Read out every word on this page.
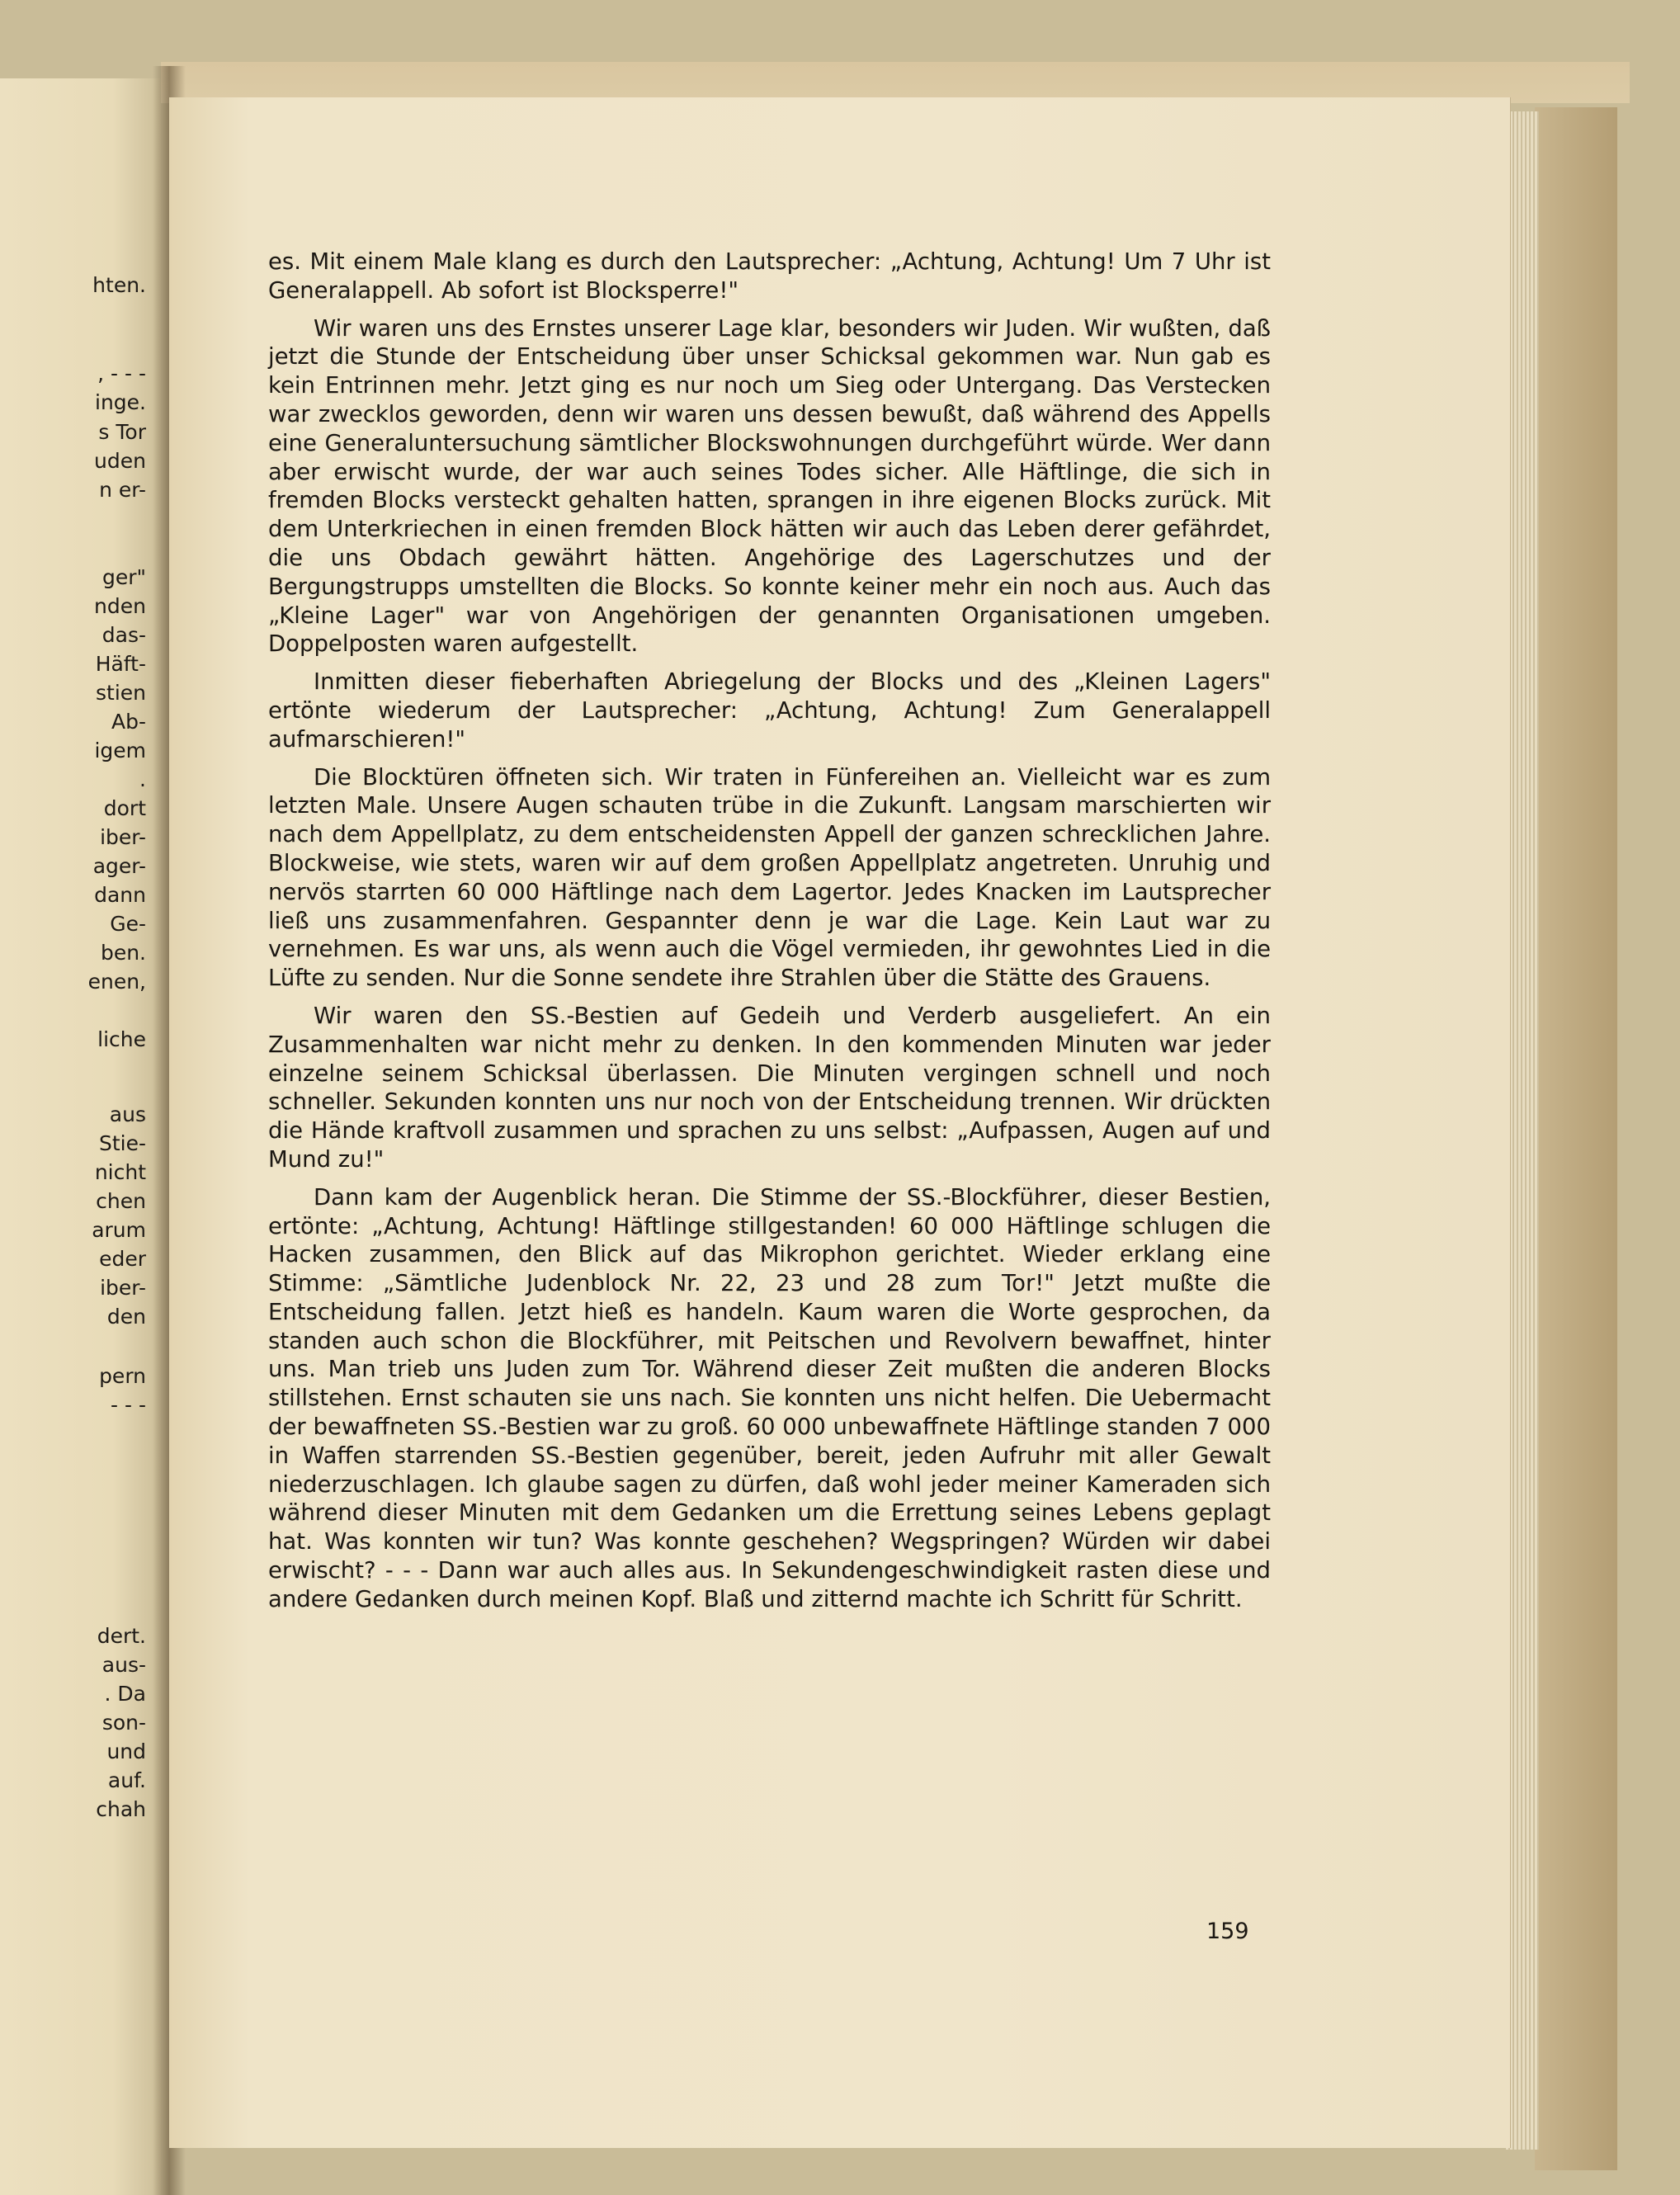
hten.
, - - -
inge.
s Tor
uden
n er-
ger"
nden
das-
Häft-
stien
Ab-
igem
.
dort
iber-
ager-
dann
Ge-
ben.
enen,
liche
aus
Stie-
nicht
chen
arum
eder
iber-
den
pern
- - -
dert.
aus-
. Da
son-
und
auf.
chah

es. Mit einem Male klang es durch den Lautsprecher: „Achtung, Achtung! Um 7 Uhr ist Generalappell. Ab sofort ist Blocksperre!"

Wir waren uns des Ernstes unserer Lage klar, besonders wir Juden. Wir wußten, daß jetzt die Stunde der Entscheidung über unser Schicksal gekommen war. Nun gab es kein Entrinnen mehr. Jetzt ging es nur noch um Sieg oder Untergang. Das Verstecken war zwecklos geworden, denn wir waren uns dessen bewußt, daß während des Appells eine Generaluntersuchung sämtlicher Blockswohnungen durchgeführt würde. Wer dann aber erwischt wurde, der war auch seines Todes sicher. Alle Häftlinge, die sich in fremden Blocks versteckt gehalten hatten, sprangen in ihre eigenen Blocks zurück. Mit dem Unterkriechen in einen fremden Block hätten wir auch das Leben derer gefährdet, die uns Obdach gewährt hätten. Angehörige des Lagerschutzes und der Bergungstrupps umstellten die Blocks. So konnte keiner mehr ein noch aus. Auch das „Kleine Lager" war von Angehörigen der genannten Organisationen umgeben. Doppelposten waren aufgestellt.

Inmitten dieser fieberhaften Abriegelung der Blocks und des „Kleinen Lagers" ertönte wiederum der Lautsprecher: „Achtung, Achtung! Zum Generalappell aufmarschieren!"

Die Blocktüren öffneten sich. Wir traten in Fünfereihen an. Vielleicht war es zum letzten Male. Unsere Augen schauten trübe in die Zukunft. Langsam marschierten wir nach dem Appellplatz, zu dem entscheidensten Appell der ganzen schrecklichen Jahre. Blockweise, wie stets, waren wir auf dem großen Appellplatz angetreten. Unruhig und nervös starrten 60 000 Häftlinge nach dem Lagertor. Jedes Knacken im Lautsprecher ließ uns zusammenfahren. Gespannter denn je war die Lage. Kein Laut war zu vernehmen. Es war uns, als wenn auch die Vögel vermieden, ihr gewohntes Lied in die Lüfte zu senden. Nur die Sonne sendete ihre Strahlen über die Stätte des Grauens.

Wir waren den SS.-Bestien auf Gedeih und Verderb ausgeliefert. An ein Zusammenhalten war nicht mehr zu denken. In den kommenden Minuten war jeder einzelne seinem Schicksal überlassen. Die Minuten vergingen schnell und noch schneller. Sekunden konnten uns nur noch von der Entscheidung trennen. Wir drückten die Hände kraftvoll zusammen und sprachen zu uns selbst: „Aufpassen, Augen auf und Mund zu!"

Dann kam der Augenblick heran. Die Stimme der SS.-Blockführer, dieser Bestien, ertönte: „Achtung, Achtung! Häftlinge stillgestanden! 60 000 Häftlinge schlugen die Hacken zusammen, den Blick auf das Mikrophon gerichtet. Wieder erklang eine Stimme: „Sämtliche Judenblock Nr. 22, 23 und 28 zum Tor!" Jetzt mußte die Entscheidung fallen. Jetzt hieß es handeln. Kaum waren die Worte gesprochen, da standen auch schon die Blockführer, mit Peitschen und Revolvern bewaffnet, hinter uns. Man trieb uns Juden zum Tor. Während dieser Zeit mußten die anderen Blocks stillstehen. Ernst schauten sie uns nach. Sie konnten uns nicht helfen. Die Uebermacht der bewaffneten SS.-Bestien war zu groß. 60 000 unbewaffnete Häftlinge standen 7 000 in Waffen starrenden SS.-Bestien gegenüber, bereit, jeden Aufruhr mit aller Gewalt niederzuschlagen. Ich glaube sagen zu dürfen, daß wohl jeder meiner Kameraden sich während dieser Minuten mit dem Gedanken um die Errettung seines Lebens geplagt hat. Was konnten wir tun? Was konnte geschehen? Wegspringen? Würden wir dabei erwischt? - - - Dann war auch alles aus. In Sekundengeschwindigkeit rasten diese und andere Gedanken durch meinen Kopf. Blaß und zitternd machte ich Schritt für Schritt.

159
